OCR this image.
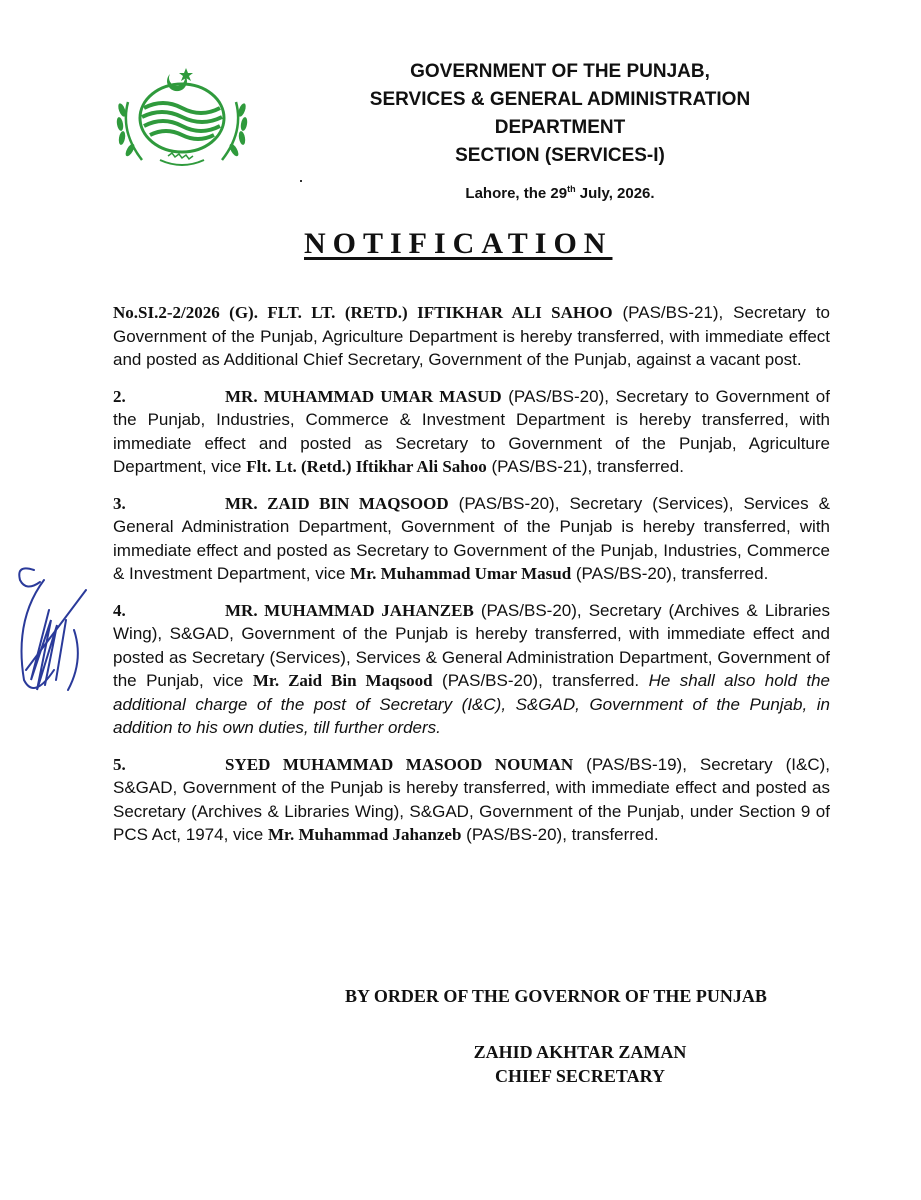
GOVERNMENT OF THE PUNJAB,
SERVICES & GENERAL ADMINISTRATION
DEPARTMENT
SECTION (SERVICES-I)
Lahore, the 29th July, 2026.
NOTIFICATION

No.SI.2-2/2026 (G). FLT. LT. (RETD.) IFTIKHAR ALI SAHOO (PAS/BS-21), Secretary to Government of the Punjab, Agriculture Department is hereby transferred, with immediate effect and posted as Additional Chief Secretary, Government of the Punjab, against a vacant post.

2.	MR. MUHAMMAD UMAR MASUD (PAS/BS-20), Secretary to Government of the Punjab, Industries, Commerce & Investment Department is hereby transferred, with immediate effect and posted as Secretary to Government of the Punjab, Agriculture Department, vice Flt. Lt. (Retd.) Iftikhar Ali Sahoo (PAS/BS-21), transferred.

3.	MR. ZAID BIN MAQSOOD (PAS/BS-20), Secretary (Services), Services & General Administration Department, Government of the Punjab is hereby transferred, with immediate effect and posted as Secretary to Government of the Punjab, Industries, Commerce & Investment Department, vice Mr. Muhammad Umar Masud (PAS/BS-20), transferred.

4.	MR. MUHAMMAD JAHANZEB (PAS/BS-20), Secretary (Archives & Libraries Wing), S&GAD, Government of the Punjab is hereby transferred, with immediate effect and posted as Secretary (Services), Services & General Administration Department, Government of the Punjab, vice Mr. Zaid Bin Maqsood (PAS/BS-20), transferred. He shall also hold the additional charge of the post of Secretary (I&C), S&GAD, Government of the Punjab, in addition to his own duties, till further orders.

5.	SYED MUHAMMAD MASOOD NOUMAN (PAS/BS-19), Secretary (I&C), S&GAD, Government of the Punjab is hereby transferred, with immediate effect and posted as Secretary (Archives & Libraries Wing), S&GAD, Government of the Punjab, under Section 9 of PCS Act, 1974, vice Mr. Muhammad Jahanzeb (PAS/BS-20), transferred.

BY ORDER OF THE GOVERNOR OF THE PUNJAB
ZAHID AKHTAR ZAMAN
CHIEF SECRETARY
